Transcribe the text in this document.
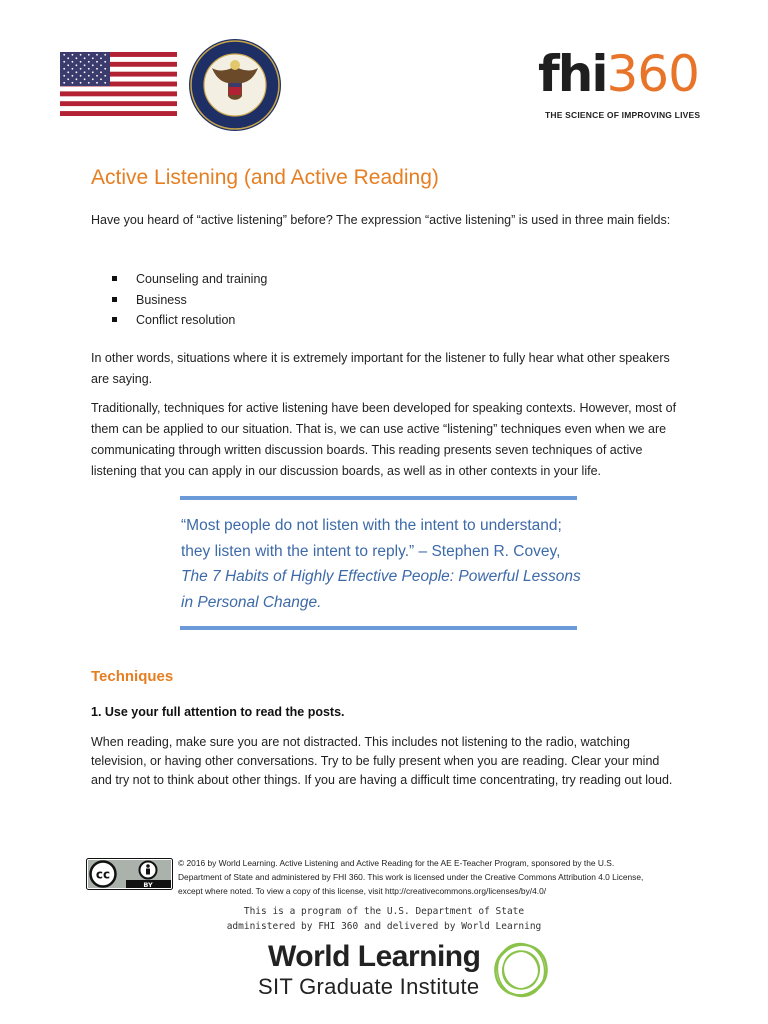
fhi360
THE SCIENCE OF IMPROVING LIVES
Active Listening (and Active Reading)
Have you heard of “active listening” before? The expression “active listening” is used in three main fields:
Counseling and training
Business
Conflict resolution
In other words, situations where it is extremely important for the listener to fully hear what other speakers are saying.
Traditionally, techniques for active listening have been developed for speaking contexts. However, most of them can be applied to our situation. That is, we can use active “listening” techniques even when we are communicating through written discussion boards. This reading presents seven techniques of active listening that you can apply in our discussion boards, as well as in other contexts in your life.
“Most people do not listen with the intent to understand; they listen with the intent to reply.” – Stephen R. Covey, The 7 Habits of Highly Effective People: Powerful Lessons in Personal Change.
Techniques
1. Use your full attention to read the posts.
When reading, make sure you are not distracted. This includes not listening to the radio, watching television, or having other conversations. Try to be fully present when you are reading. Clear your mind and try not to think about other things. If you are having a difficult time concentrating, try reading out loud.
cc
BY
© 2016 by World Learning. Active Listening and Active Reading for the AE E-Teacher Program, sponsored by the U.S. Department of State and administered by FHI 360. This work is licensed under the Creative Commons Attribution 4.0 License, except where noted. To view a copy of this license, visit http://creativecommons.org/licenses/by/4.0/
This is a program of the U.S. Department of State
administered by FHI 360 and delivered by World Learning
World Learning
SIT Graduate Institute
